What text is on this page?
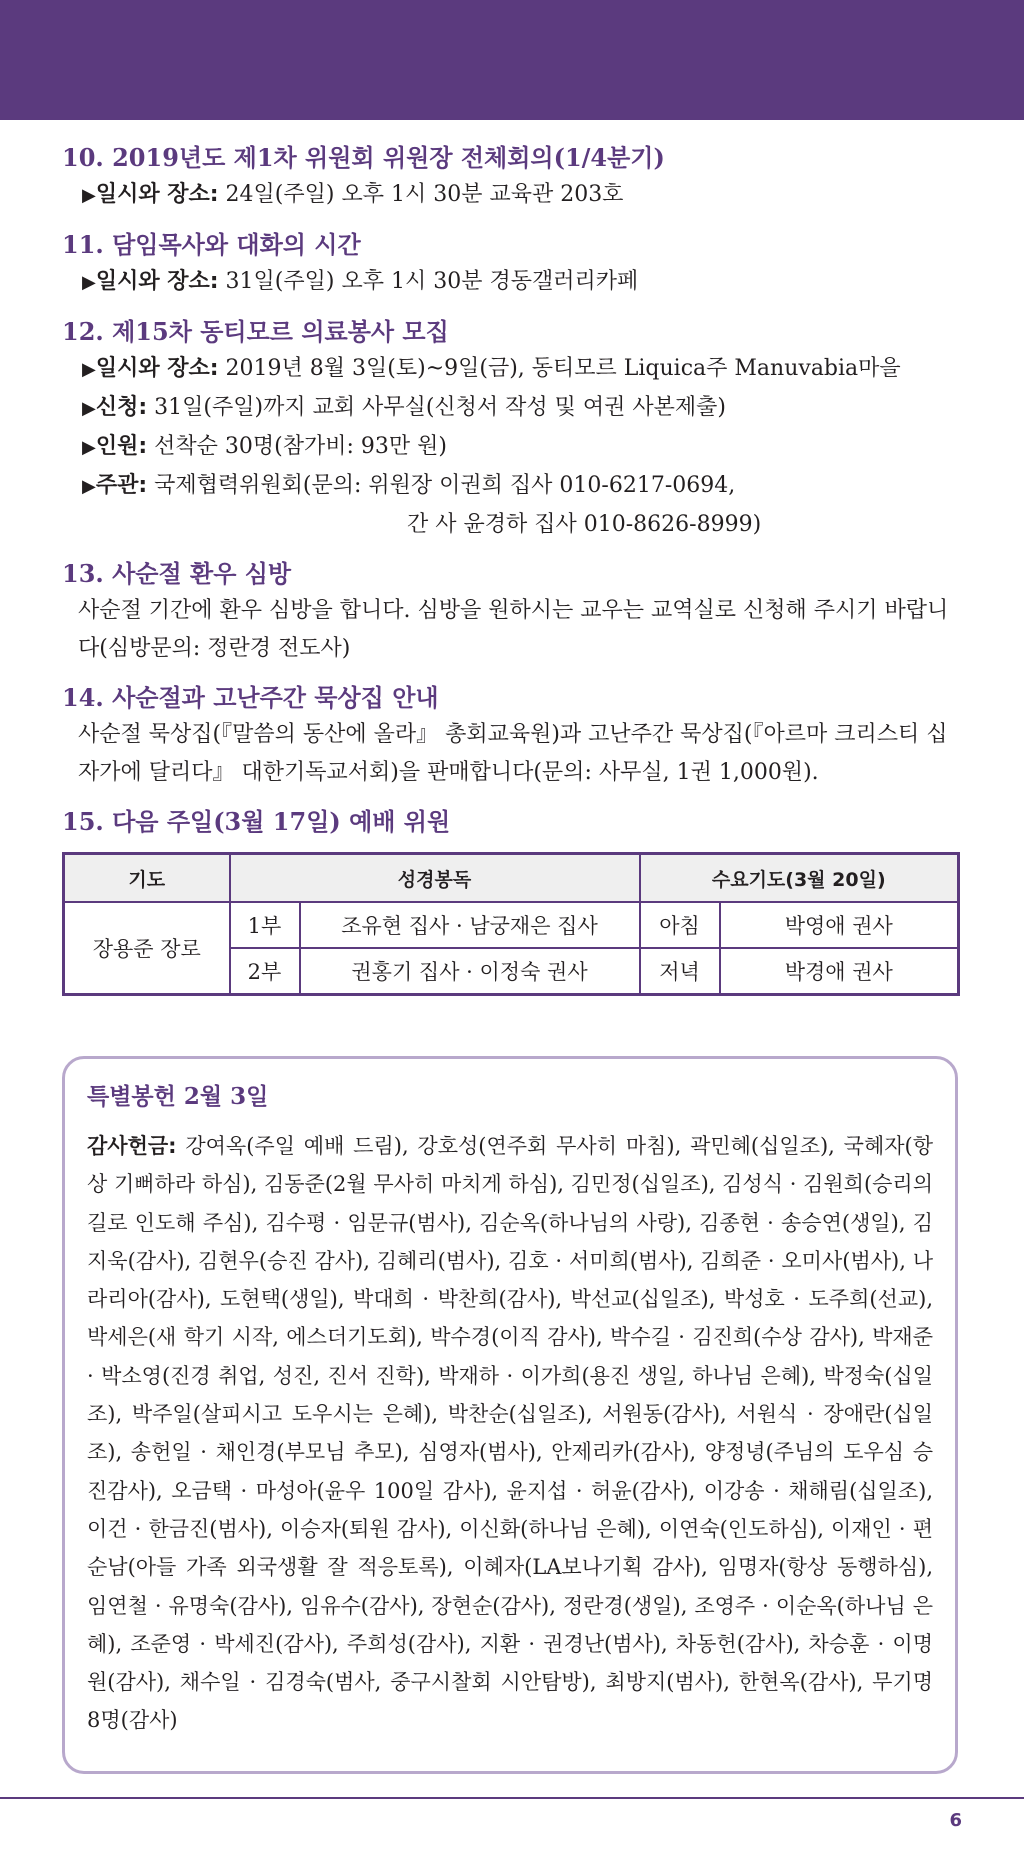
10. 2019년도 제1차 위원회 위원장 전체회의(1/4분기)
▶일시와 장소: 24일(주일) 오후 1시 30분 교육관 203호
11. 담임목사와 대화의 시간
▶일시와 장소: 31일(주일) 오후 1시 30분 경동갤러리카페
12. 제15차 동티모르 의료봉사 모집
▶일시와 장소: 2019년 8월 3일(토)~9일(금), 동티모르 Liquica주 Manuvabia마을
▶신청: 31일(주일)까지 교회 사무실(신청서 작성 및 여권 사본제출)
▶인원: 선착순 30명(참가비: 93만 원)
▶주관: 국제협력위원회(문의: 위원장 이권희 집사 010-6217-0694,
간 사 윤경하 집사 010-8626-8999)
13. 사순절 환우 심방
사순절 기간에 환우 심방을 합니다. 심방을 원하시는 교우는 교역실로 신청해 주시기 바랍니다(심방문의: 정란경 전도사)
14. 사순절과 고난주간 묵상집 안내
사순절 묵상집(『말씀의 동산에 올라』 총회교육원)과 고난주간 묵상집(『아르마 크리스티 십자가에 달리다』 대한기독교서회)을 판매합니다(문의: 사무실, 1권 1,000원).
15. 다음 주일(3월 17일) 예배 위원
기도	성경봉독		수요기도(3월 20일)	
장용준 장로	1부	조유현 집사 · 남궁재은 집사	아침	박영애 권사
	2부	권홍기 집사 · 이정숙 권사	저녁	박경애 권사
특별봉헌 2월 3일
감사헌금: 강여옥(주일 예배 드림), 강호성(연주회 무사히 마침), 곽민혜(십일조), 국혜자(항상 기뻐하라 하심), 김동준(2월 무사히 마치게 하심), 김민정(십일조), 김성식 · 김원희(승리의 길로 인도해 주심), 김수평 · 임문규(범사), 김순옥(하나님의 사랑), 김종현 · 송승연(생일), 김지욱(감사), 김현우(승진 감사), 김혜리(범사), 김호 · 서미희(범사), 김희준 · 오미사(범사), 나라리아(감사), 도현택(생일), 박대희 · 박찬희(감사), 박선교(십일조), 박성호 · 도주희(선교), 박세은(새 학기 시작, 에스더기도회), 박수경(이직 감사), 박수길 · 김진희(수상 감사), 박재준 · 박소영(진경 취업, 성진, 진서 진학), 박재하 · 이가희(용진 생일, 하나님 은혜), 박정숙(십일조), 박주일(살피시고 도우시는 은혜), 박찬순(십일조), 서원동(감사), 서원식 · 장애란(십일조), 송헌일 · 채인경(부모님 추모), 심영자(범사), 안제리카(감사), 양정녕(주님의 도우심 승진감사), 오금택 · 마성아(윤우 100일 감사), 윤지섭 · 허윤(감사), 이강송 · 채해림(십일조), 이건 · 한금진(범사), 이승자(퇴원 감사), 이신화(하나님 은혜), 이연숙(인도하심), 이재인 · 편순남(아들 가족 외국생활 잘 적응토록), 이혜자(LA보나기획 감사), 임명자(항상 동행하심), 임연철 · 유명숙(감사), 임유수(감사), 장현순(감사), 정란경(생일), 조영주 · 이순옥(하나님 은혜), 조준영 · 박세진(감사), 주희성(감사), 지환 · 권경난(범사), 차동헌(감사), 차승훈 · 이명원(감사), 채수일 · 김경숙(범사, 중구시찰회 시안탐방), 최방지(범사), 한현옥(감사), 무기명 8명(감사)
6
